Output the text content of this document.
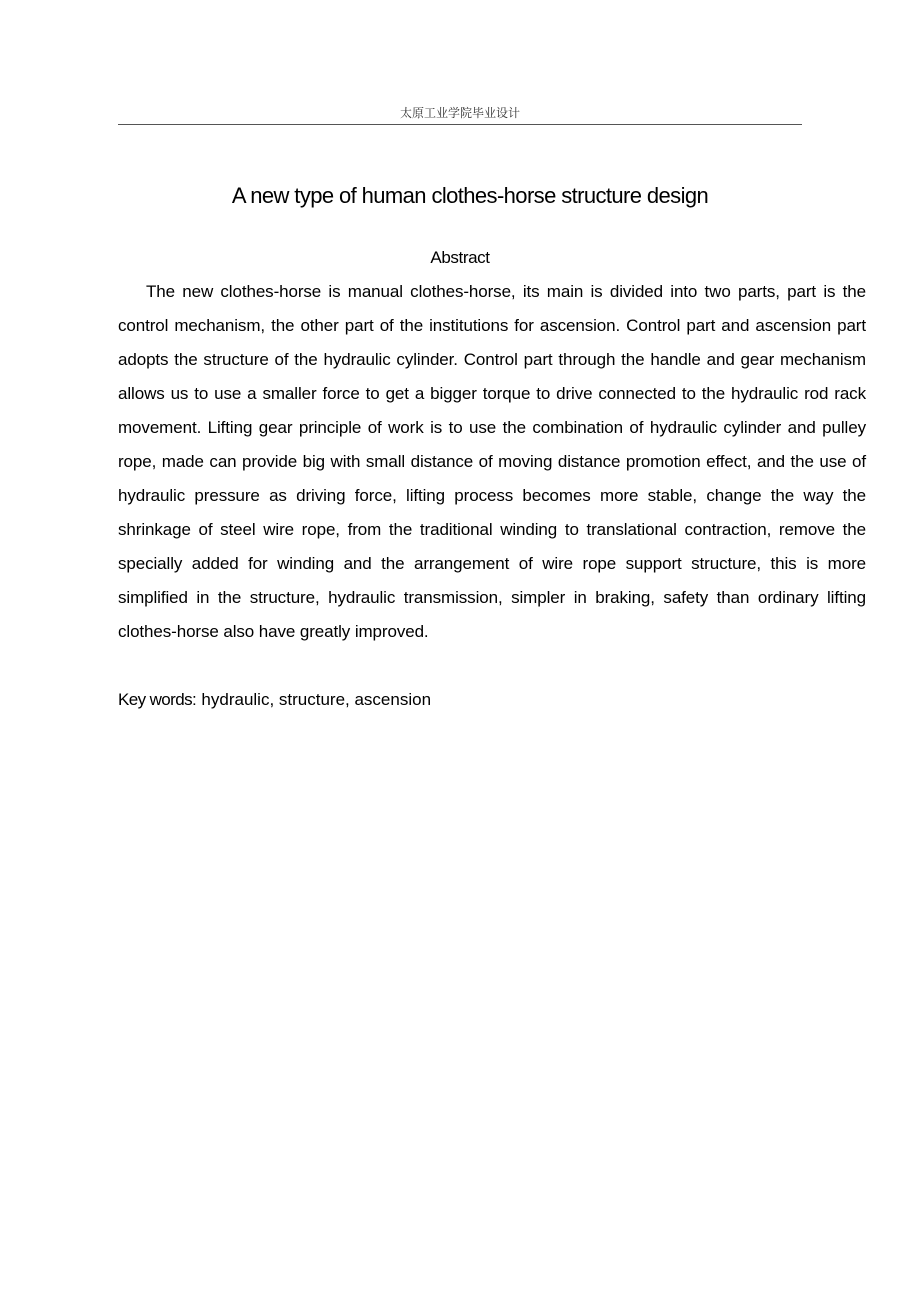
太原工业学院毕业设计
A new type of human clothes-horse structure design
Abstract

The new clothes-horse is manual clothes-horse, its main is divided into two parts, part is the control mechanism, the other part of the institutions for ascension. Control part and ascension part adopts the structure of the hydraulic cylinder. Control part through the handle and gear mechanism allows us to use a smaller force to get a bigger torque to drive connected to the hydraulic rod rack movement. Lifting gear principle of work is to use the combination of hydraulic cylinder and pulley rope, made can provide big with small distance of moving distance promotion effect, and the use of hydraulic pressure as driving force, lifting process becomes more stable, change the way the shrinkage of steel wire rope, from the traditional winding to translational contraction, remove the specially added for winding and the arrangement of wire rope support structure, this is more simplified in the structure, hydraulic transmission, simpler in braking, safety than ordinary lifting clothes-horse also have greatly improved.

Key words: hydraulic, structure, ascension
